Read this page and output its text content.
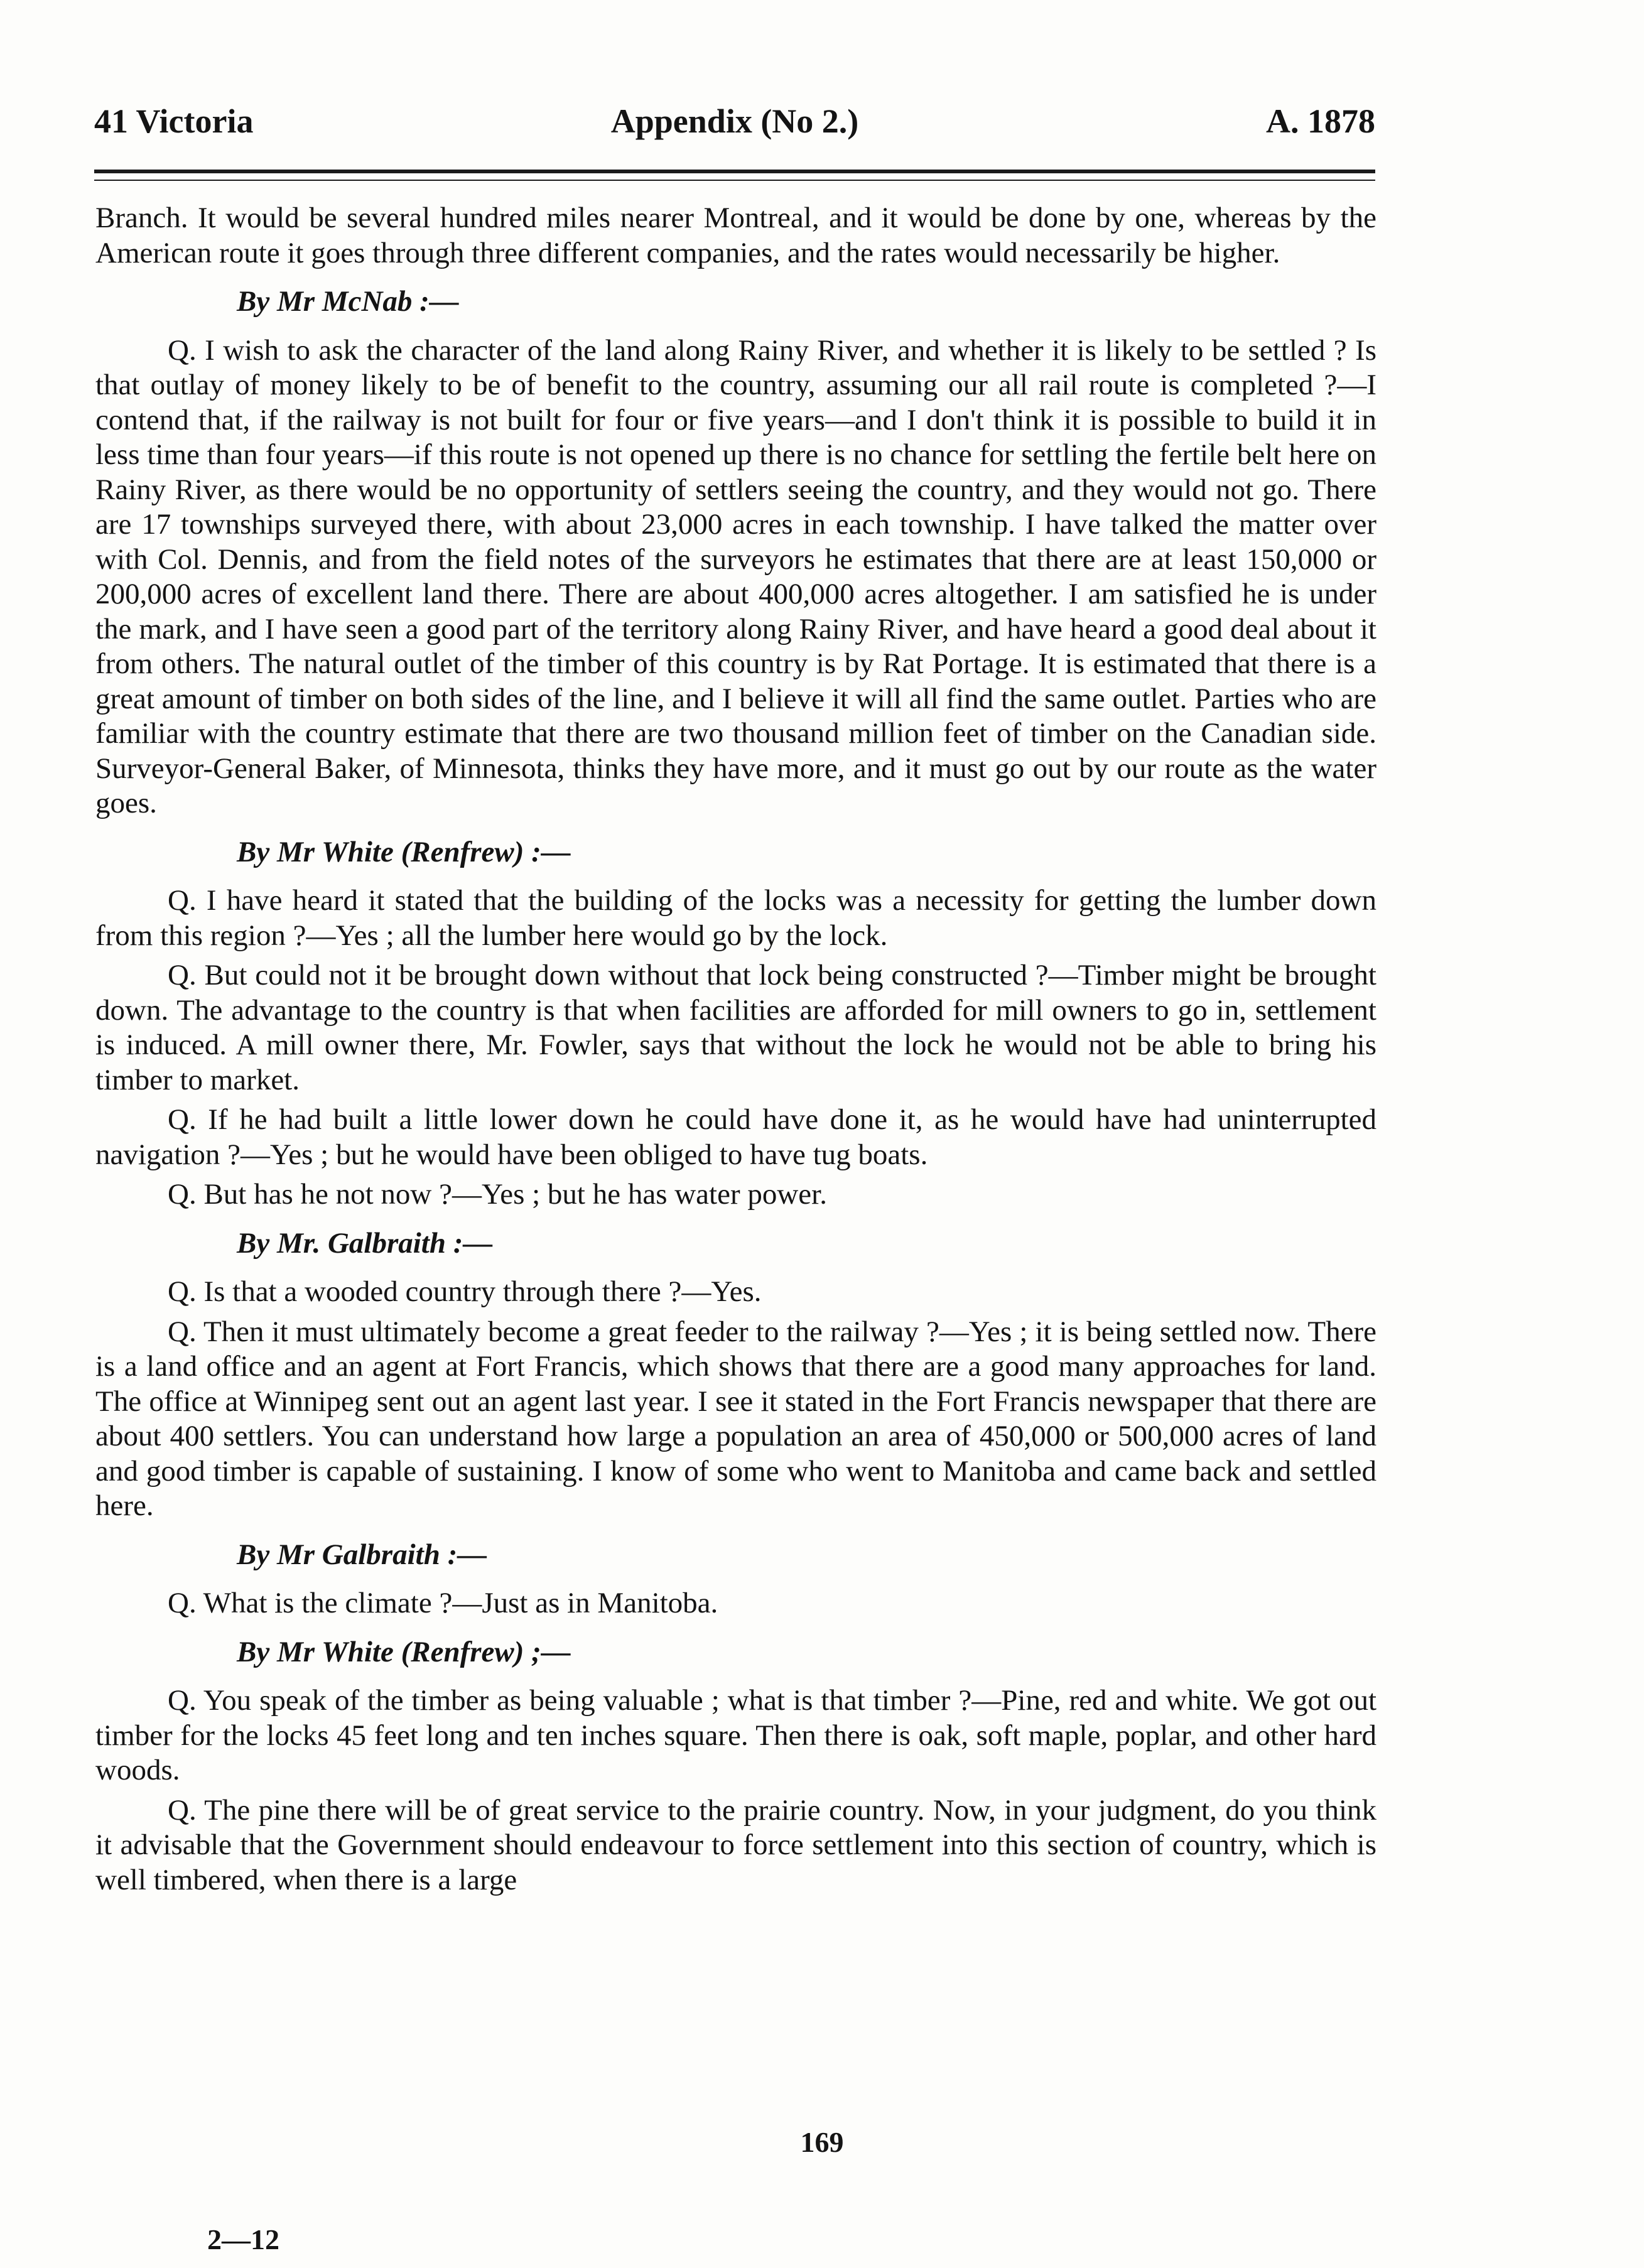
41 Victoria	Appendix (No 2.)	A. 1878

Branch. It would be several hundred miles nearer Montreal, and it would be done by one, whereas by the American route it goes through three different companies, and the rates would necessarily be higher.

By Mr McNab :—

Q. I wish to ask the character of the land along Rainy River, and whether it is likely to be settled ? Is that outlay of money likely to be of benefit to the country, assuming our all rail route is completed ?—I contend that, if the railway is not built for four or five years—and I don't think it is possible to build it in less time than four years—if this route is not opened up there is no chance for settling the fertile belt here on Rainy River, as there would be no opportunity of settlers seeing the country, and they would not go. There are 17 townships surveyed there, with about 23,000 acres in each township. I have talked the matter over with Col. Dennis, and from the field notes of the surveyors he estimates that there are at least 150,000 or 200,000 acres of excellent land there. There are about 400,000 acres altogether. I am satisfied he is under the mark, and I have seen a good part of the territory along Rainy River, and have heard a good deal about it from others. The natural outlet of the timber of this country is by Rat Portage. It is estimated that there is a great amount of timber on both sides of the line, and I believe it will all find the same outlet. Parties who are familiar with the country estimate that there are two thousand million feet of timber on the Canadian side. Surveyor-General Baker, of Minnesota, thinks they have more, and it must go out by our route as the water goes.

By Mr White (Renfrew) :—

Q. I have heard it stated that the building of the locks was a necessity for getting the lumber down from this region ?—Yes ; all the lumber here would go by the lock.

Q. But could not it be brought down without that lock being constructed ?—Timber might be brought down. The advantage to the country is that when facilities are afforded for mill owners to go in, settlement is induced. A mill owner there, Mr. Fowler, says that without the lock he would not be able to bring his timber to market.

Q. If he had built a little lower down he could have done it, as he would have had uninterrupted navigation ?—Yes ; but he would have been obliged to have tug boats.

Q. But has he not now ?—Yes ; but he has water power.

By Mr. Galbraith :—

Q. Is that a wooded country through there ?—Yes.

Q. Then it must ultimately become a great feeder to the railway ?—Yes ; it is being settled now. There is a land office and an agent at Fort Francis, which shows that there are a good many approaches for land. The office at Winnipeg sent out an agent last year. I see it stated in the Fort Francis newspaper that there are about 400 settlers. You can understand how large a population an area of 450,000 or 500,000 acres of land and good timber is capable of sustaining. I know of some who went to Manitoba and came back and settled here.

By Mr Galbraith :—

Q. What is the climate ?—Just as in Manitoba.

By Mr White (Renfrew) ;—

Q. You speak of the timber as being valuable ; what is that timber ?—Pine, red and white. We got out timber for the locks 45 feet long and ten inches square. Then there is oak, soft maple, poplar, and other hard woods.

Q. The pine there will be of great service to the prairie country. Now, in your judgment, do you think it advisable that the Government should endeavour to force settlement into this section of country, which is well timbered, when there is a large

169
2—12
